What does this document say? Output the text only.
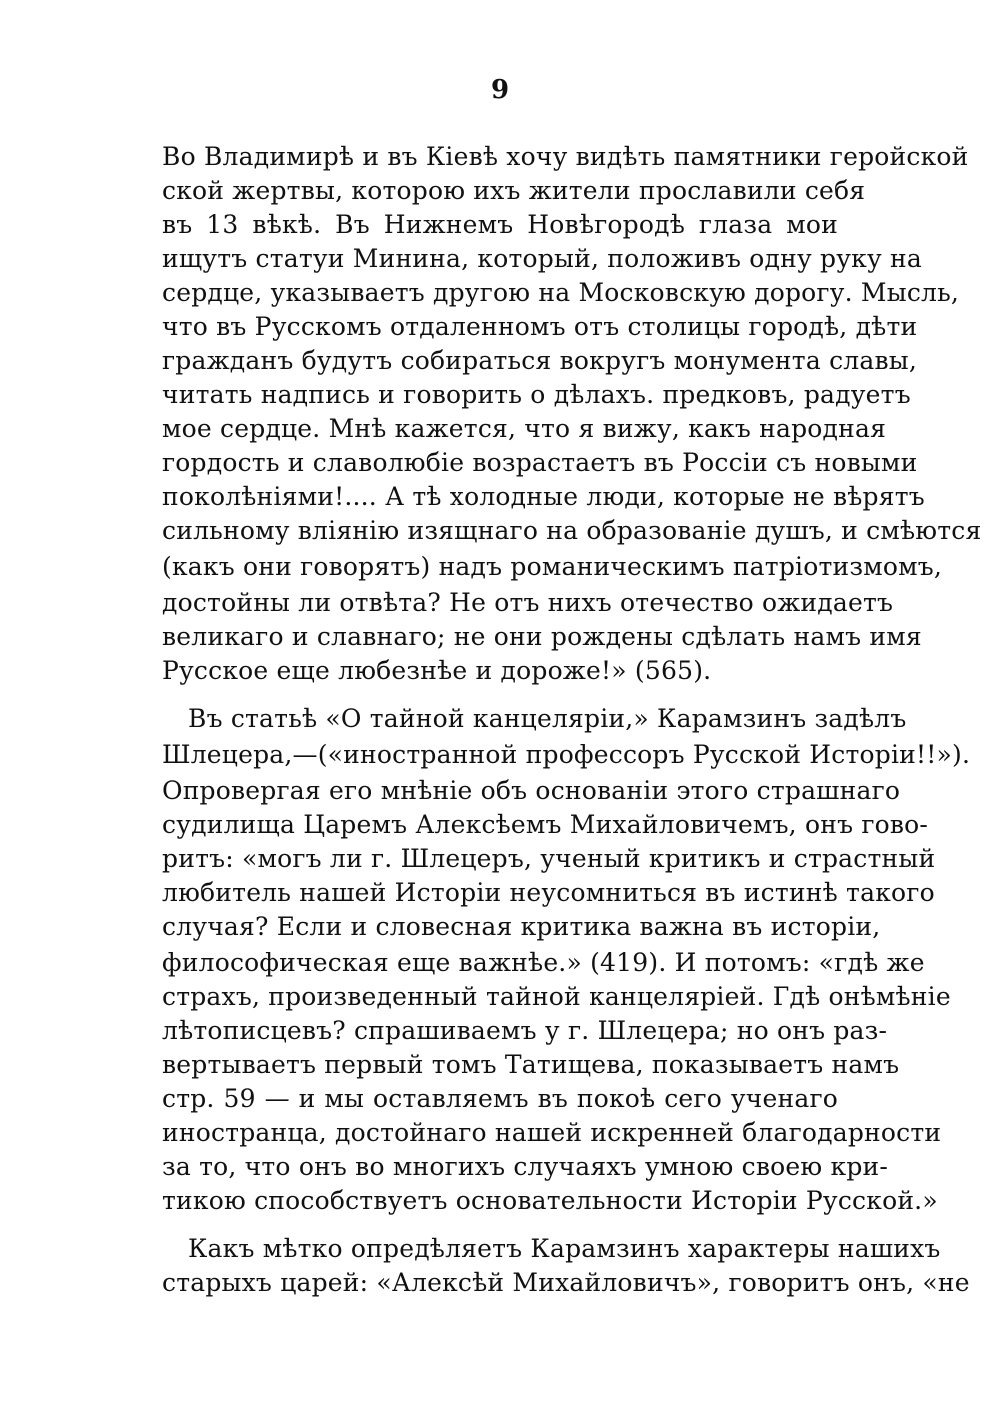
9
Во Владимирѣ и въ Кiевѣ хочу видѣть памятники геройской
ской жертвы, которою ихъ жители прославили себя
въ 13 вѣкѣ. Въ Нижнемъ Новѣгородѣ глаза мои
ищутъ статуи Минина, который, положивъ одну руку на
сердце, указываетъ другою на Московскую дорогу. Мысль,
что въ Русскомъ отдаленномъ отъ столицы городѣ, дѣти
гражданъ будутъ собираться вокругъ монумента славы,
читать надпись и говорить о дѣлахъ. предковъ, радуетъ
мое сердце. Мнѣ кажется, что я вижу, какъ народная
гордость и славолюбiе возрастаетъ въ Россiи съ новыми
поколѣнiями!.... А тѣ холодные люди, которые не вѣрятъ
сильному влiянiю изящнаго на образованiе душъ, и смѣются
(какъ они говорятъ) надъ романическимъ патрiотизмомъ,
достойны ли отвѣта? Не отъ нихъ отечество ожидаетъ
великаго и славнаго; не они рождены сдѣлать намъ имя
Русское еще любезнѣе и дороже!» (565).
Въ статьѣ «О тайной канцелярiи,» Карамзинъ задѣлъ
Шлецера,—(«иностранной профессоръ Русской Исторiи!!»).
Опровергая его мнѣнiе объ основанiи этого страшнаго
судилища Царемъ Алексѣемъ Михайловичемъ, онъ гово-
ритъ: «могъ ли г. Шлецеръ, ученый критикъ и страстный
любитель нашей Исторiи неусомниться въ истинѣ такого
случая? Если и словесная критика важна въ исторiи,
философическая еще важнѣе.» (419). И потомъ: «гдѣ же
страхъ, произведенный тайной канцелярiей. Гдѣ онѣмѣнiе
лѣтописцевъ? спрашиваемъ у г. Шлецера; но онъ раз-
вертываетъ первый томъ Татищева, показываетъ намъ
стр. 59 — и мы оставляемъ въ покоѣ сего ученаго
иностранца, достойнаго нашей искренней благодарности
за то, что онъ во многихъ случаяхъ умною своею кри-
тикою способствуетъ основательности Исторiи Русской.»
Какъ мѣтко опредѣляетъ Карамзинъ характеры нашихъ
старыхъ царей: «Алексѣй Михайловичъ», говоритъ онъ, «не
